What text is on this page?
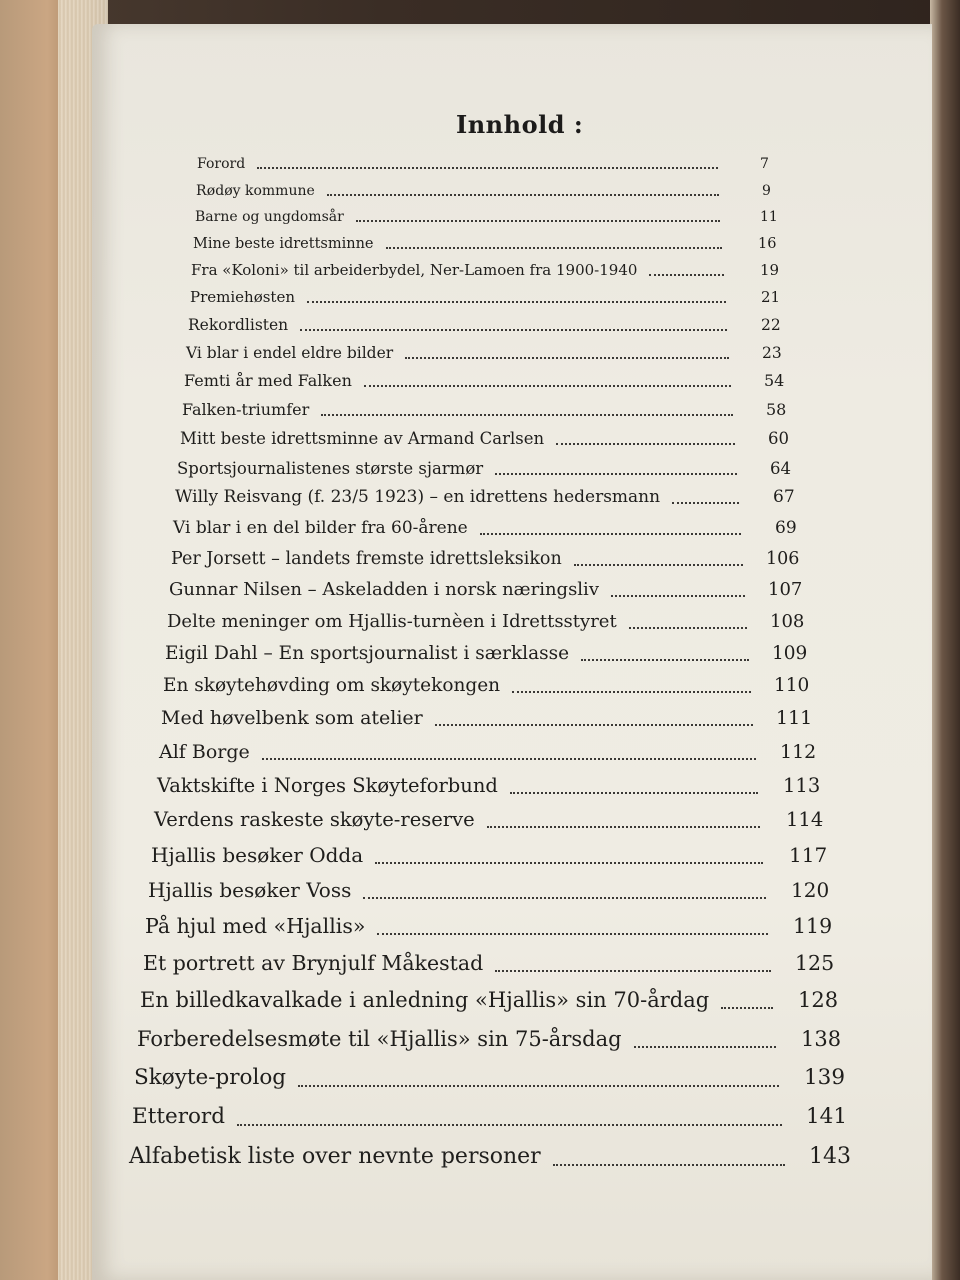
Innhold :
Forord	7
Rødøy kommune	9
Barne og ungdomsår	11
Mine beste idrettsminne	16
Fra «Koloni» til arbeiderbydel, Ner-Lamoen fra 1900-1940	19
Premiehøsten	21
Rekordlisten	22
Vi blar i endel eldre bilder	23
Femti år med Falken	54
Falken-triumfer	58
Mitt beste idrettsminne av Armand Carlsen	60
Sportsjournalistenes største sjarmør	64
Willy Reisvang (f. 23/5 1923) – en idrettens hedersmann	67
Vi blar i en del bilder fra 60-årene	69
Per Jorsett – landets fremste idrettsleksikon	106
Gunnar Nilsen – Askeladden i norsk næringsliv	107
Delte meninger om Hjallis-turnèen i Idrettsstyret	108
Eigil Dahl – En sportsjournalist i særklasse	109
En skøytehøvding om skøytekongen	110
Med høvelbenk som atelier	111
Alf Borge	112
Vaktskifte i Norges Skøyteforbund	113
Verdens raskeste skøyte-reserve	114
Hjallis besøker Odda	117
Hjallis besøker Voss	120
På hjul med «Hjallis»	119
Et portrett av Brynjulf Måkestad	125
En billedkavalkade i anledning «Hjallis» sin 70-årdag	128
Forberedelsesmøte til «Hjallis» sin 75-årsdag	138
Skøyte-prolog	139
Etterord	141
Alfabetisk liste over nevnte personer	143
